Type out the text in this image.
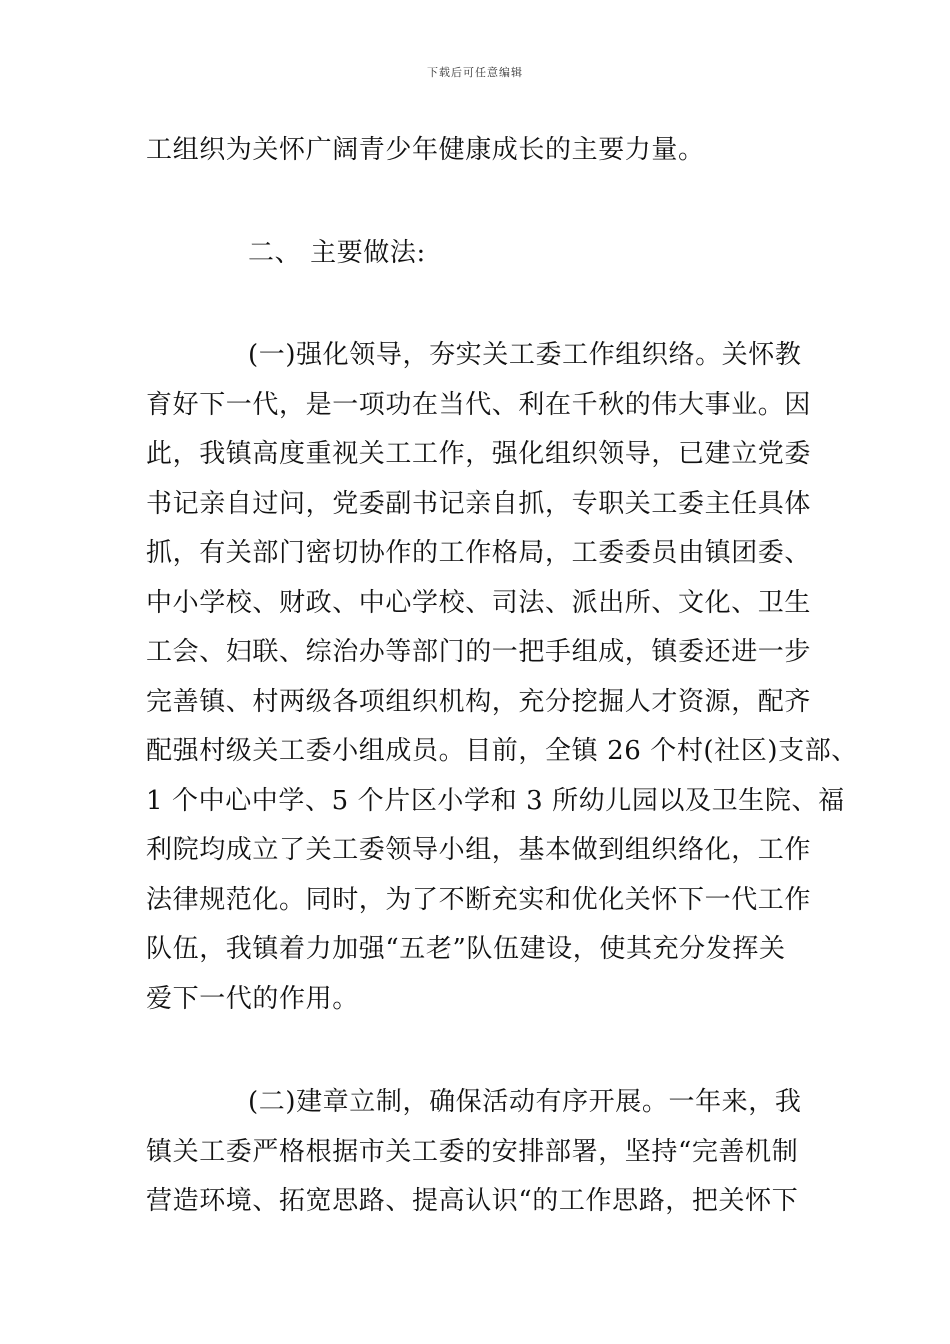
下载后可任意编辑
工组织为关怀广阔青少年健康成长的主要力量。
二、 主要做法:
(一)强化领导，夯实关工委工作组织络。关怀教
育好下一代，是一项功在当代、利在千秋的伟大事业。因
此，我镇高度重视关工工作，强化组织领导，已建立党委
书记亲自过问，党委副书记亲自抓，专职关工委主任具体
抓，有关部门密切协作的工作格局，工委委员由镇团委、
中小学校、财政、中心学校、司法、派出所、文化、卫生
工会、妇联、综治办等部门的一把手组成，镇委还进一步
完善镇、村两级各项组织机构，充分挖掘人才资源，配齐
配强村级关工委小组成员。目前，全镇 26 个村(社区)支部、
1 个中心中学、5 个片区小学和 3 所幼儿园以及卫生院、福
利院均成立了关工委领导小组，基本做到组织络化，工作
法律规范化。同时，为了不断充实和优化关怀下一代工作
队伍，我镇着力加强“五老”队伍建设，使其充分发挥关
爱下一代的作用。
(二)建章立制，确保活动有序开展。一年来，我
镇关工委严格根据市关工委的安排部署，坚持“完善机制
营造环境、拓宽思路、提高认识“的工作思路，把关怀下
